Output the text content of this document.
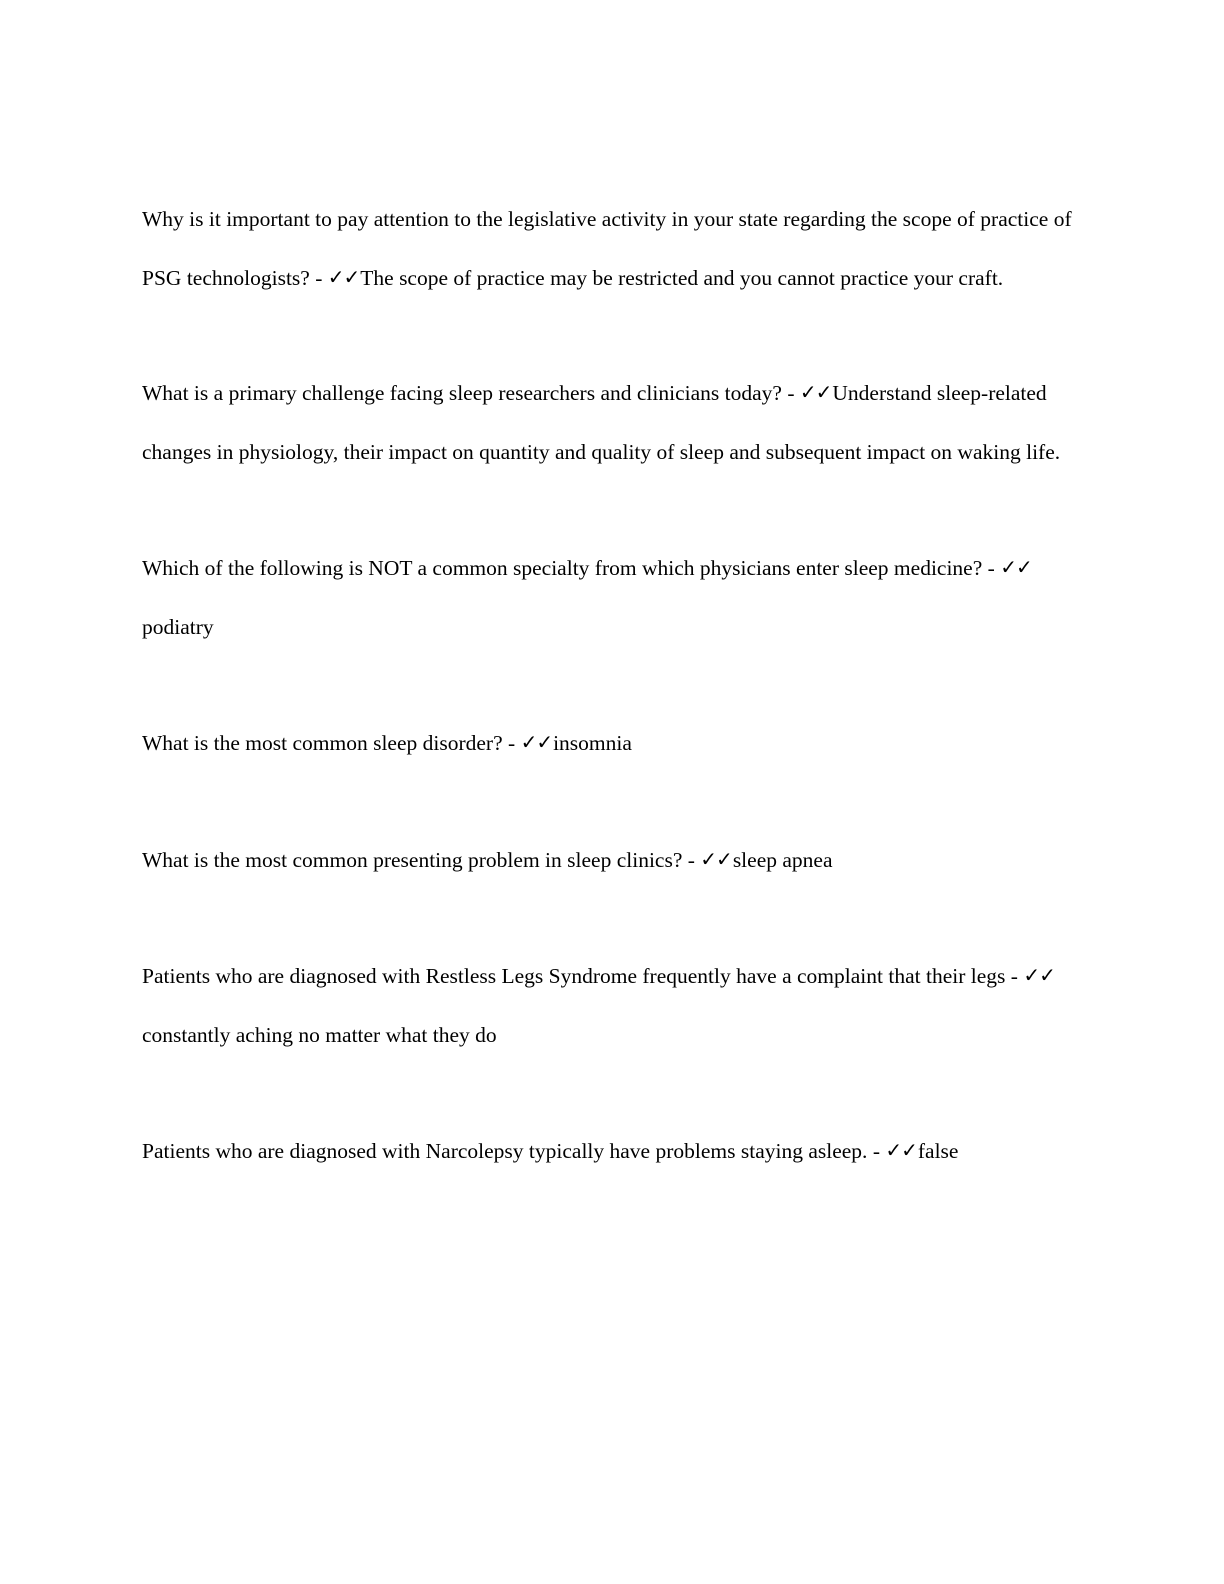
Why is it important to pay attention to the legislative activity in your state regarding the scope of practice of PSG technologists? - ✓✓The scope of practice may be restricted and you cannot practice your craft.

What is a primary challenge facing sleep researchers and clinicians today? - ✓✓Understand sleep-related changes in physiology, their impact on quantity and quality of sleep and subsequent impact on waking life.

Which of the following is NOT a common specialty from which physicians enter sleep medicine? - ✓✓podiatry

What is the most common sleep disorder? - ✓✓insomnia

What is the most common presenting problem in sleep clinics? - ✓✓sleep apnea

Patients who are diagnosed with Restless Legs Syndrome frequently have a complaint that their legs - ✓✓constantly aching no matter what they do

Patients who are diagnosed with Narcolepsy typically have problems staying asleep. - ✓✓false
